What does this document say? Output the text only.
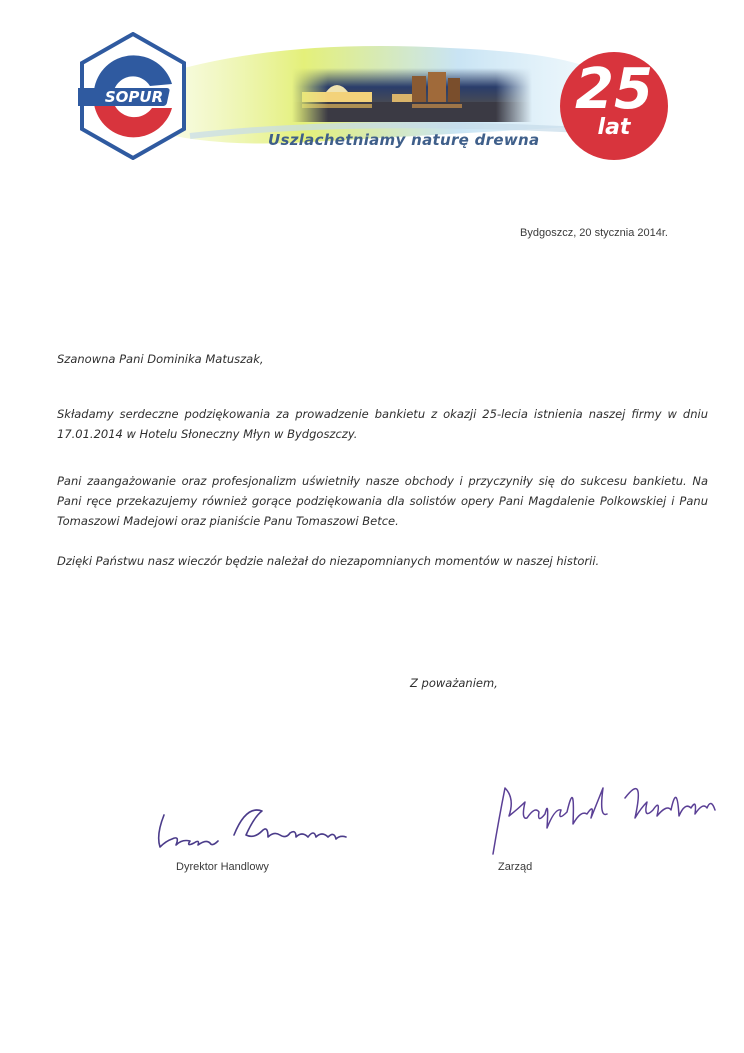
SOPUR
Uszlachetniamy naturę drewna
25
lat
Bydgoszcz, 20 stycznia 2014r.
Szanowna Pani Dominika Matuszak,
Składamy serdeczne podziękowania za prowadzenie bankietu z okazji 25-lecia istnienia naszej firmy w dniu 17.01.2014 w Hotelu Słoneczny Młyn w Bydgoszczy.
Pani zaangażowanie oraz profesjonalizm uświetniły nasze obchody i przyczyniły się do sukcesu bankietu. Na Pani ręce przekazujemy również gorące podziękowania dla solistów opery Pani Magdalenie Polkowskiej i Panu Tomaszowi Madejowi oraz pianiście Panu Tomaszowi Betce.
Dzięki Państwu nasz wieczór będzie należał do niezapomnianych momentów w naszej historii.
Z poważaniem,
Dyrektor Handlowy	Zarząd
